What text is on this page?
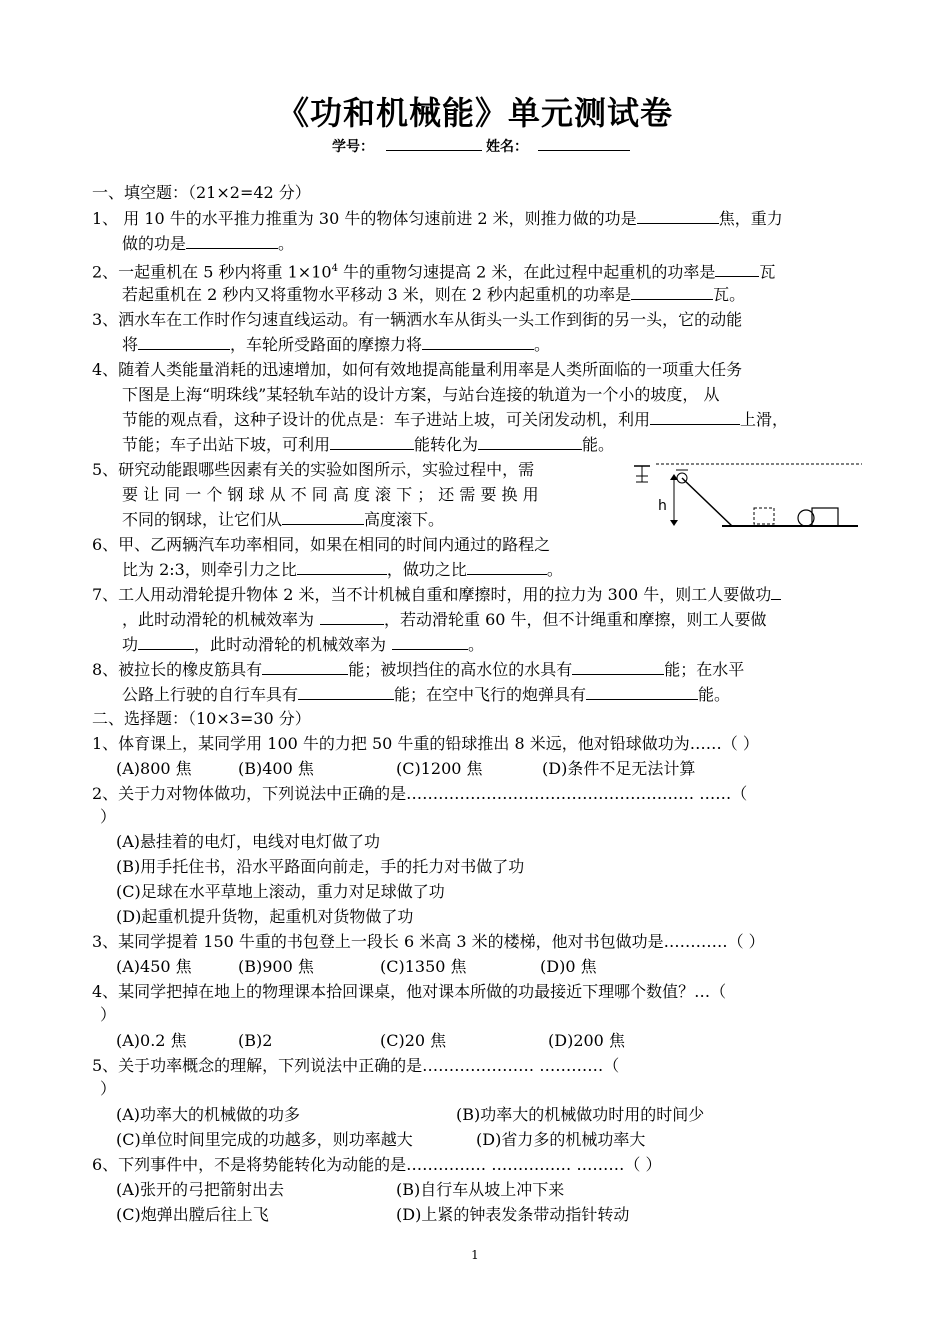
《功和机械能》单元测试卷
学号：	姓名：
一、填空题：（21×2=42 分）
1、 用 10 牛的水平推力推重为 30 牛的物体匀速前进 2 米，则推力做的功是	焦，重力
做的功是	。
2、一起重机在 5 秒内将重 $1\times 10^4$ 牛的重物匀速提高 2 米，在此过程中起重机的功率是	瓦
若起重机在 2 秒内又将重物水平移动 3 米，则在 2 秒内起重机的功率是	瓦。
3、洒水车在工作时作匀速直线运动。有一辆洒水车从街头一头工作到街的另一头，它的动能
将	，车轮所受路面的摩擦力将	。
4、随着人类能量消耗的迅速增加，如何有效地提高能量利用率是人类所面临的一项重大任务
下图是上海“明珠线”某轻轨车站的设计方案，与站台连接的轨道为一个小的坡度， 从
节能的观点看，这种子设计的优点是：车子进站上坡，可关闭发动机，利用	上滑，
节能；车子出站下坡，可利用	能转化为	能。
5、研究动能跟哪些因素有关的实验如图所示，实验过程中，需
要 让 同 一 个 钢 球 从 不 同 高 度 滚 下 ； 还 需 要 换 用
不同的钢球，让它们从	高度滚下。
h
6、甲、乙两辆汽车功率相同，如果在相同的时间内通过的路程之
比为 2:3，则牵引力之比	，做功之比	。
7、工人用动滑轮提升物体 2 米，当不计机械自重和摩擦时，用的拉力为 300 牛，则工人要做功
，此时动滑轮的机械效率为	，若动滑轮重 60 牛，但不计绳重和摩擦，则工人要做
功	，此时动滑轮的机械效率为	。
8、被拉长的橡皮筋具有	能；被坝挡住的高水位的水具有	能；在水平
公路上行驶的自行车具有	能；在空中飞行的炮弹具有	能。
二、选择题：（10×3=30 分）
1、体育课上，某同学用 100 牛的力把 50 牛重的铅球推出 8 米远，他对铅球做功为……（ ）
(A)800 焦	(B)400 焦	(C)1200 焦	(D)条件不足无法计算
2、关于力对物体做功，下列说法中正确的是……………………………………………… ……（
）
(A)悬挂着的电灯，电线对电灯做了功
(B)用手托住书，沿水平路面向前走，手的托力对书做了功
(C)足球在水平草地上滚动，重力对足球做了功
(D)起重机提升货物，起重机对货物做了功
3、某同学提着 150 牛重的书包登上一段长 6 米高 3 米的楼梯，他对书包做功是…………（ ）
(A)450 焦	(B)900 焦	(C)1350 焦	(D)0 焦
4、某同学把掉在地上的物理课本拾回课桌，他对课本所做的功最接近下理哪个数值？…（
）
(A)0.2 焦	(B)2	(C)20 焦	(D)200 焦
5、关于功率概念的理解，下列说法中正确的是………………… …………（
）
(A)功率大的机械做的功多	(B)功率大的机械做功时用的时间少
(C)单位时间里完成的功越多，则功率越大	(D)省力多的机械功率大
6、下列事件中，不是将势能转化为动能的是…………… …………… ………（ ）
(A)张开的弓把箭射出去	(B)自行车从坡上冲下来
(C)炮弹出膛后往上飞	(D)上紧的钟表发条带动指针转动
1
